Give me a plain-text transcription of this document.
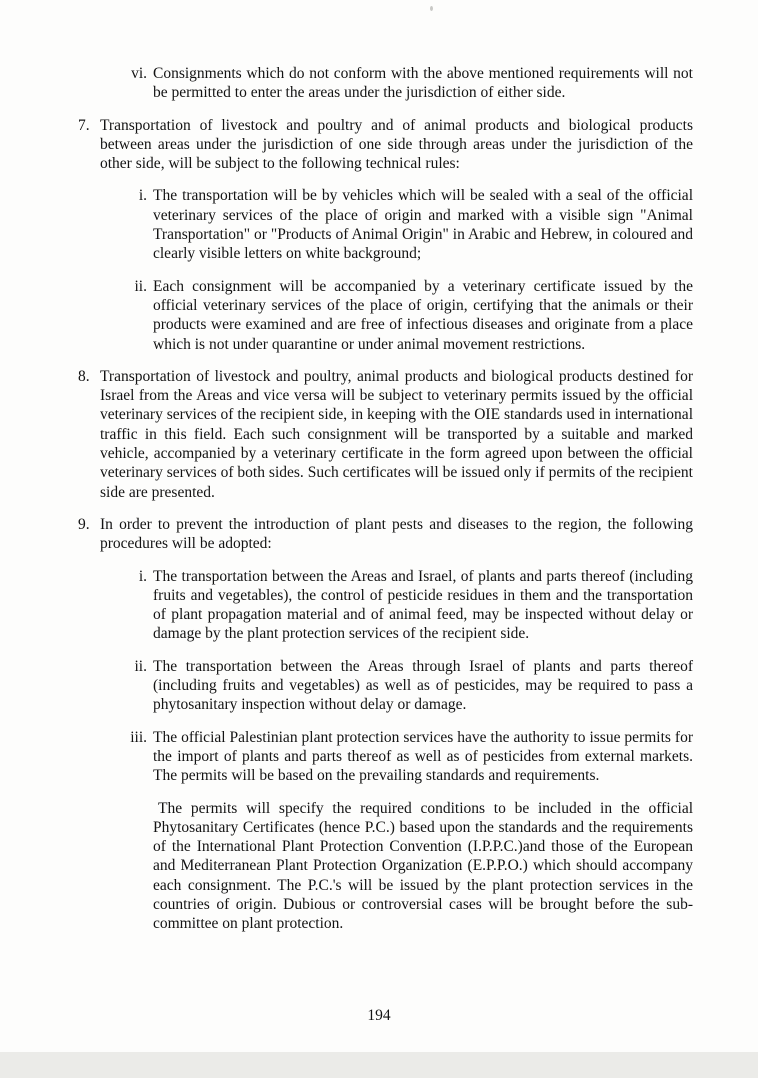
vi. Consignments which do not conform with the above mentioned requirements will not be permitted to enter the areas under the jurisdiction of either side.
7. Transportation of livestock and poultry and of animal products and biological products between areas under the jurisdiction of one side through areas under the jurisdiction of the other side, will be subject to the following technical rules:
i. The transportation will be by vehicles which will be sealed with a seal of the official veterinary services of the place of origin and marked with a visible sign "Animal Transportation" or "Products of Animal Origin" in Arabic and Hebrew, in coloured and clearly visible letters on white background;
ii. Each consignment will be accompanied by a veterinary certificate issued by the official veterinary services of the place of origin, certifying that the animals or their products were examined and are free of infectious diseases and originate from a place which is not under quarantine or under animal movement restrictions.
8. Transportation of livestock and poultry, animal products and biological products destined for Israel from the Areas and vice versa will be subject to veterinary permits issued by the official veterinary services of the recipient side, in keeping with the OIE standards used in international traffic in this field. Each such consignment will be transported by a suitable and marked vehicle, accompanied by a veterinary certificate in the form agreed upon between the official veterinary services of both sides. Such certificates will be issued only if permits of the recipient side are presented.
9. In order to prevent the introduction of plant pests and diseases to the region, the following procedures will be adopted:
i. The transportation between the Areas and Israel, of plants and parts thereof (including fruits and vegetables), the control of pesticide residues in them and the transportation of plant propagation material and of animal feed, may be inspected without delay or damage by the plant protection services of the recipient side.
ii. The transportation between the Areas through Israel of plants and parts thereof (including fruits and vegetables) as well as of pesticides, may be required to pass a phytosanitary inspection without delay or damage.
iii. The official Palestinian plant protection services have the authority to issue permits for the import of plants and parts thereof as well as of pesticides from external markets. The permits will be based on the prevailing standards and requirements.
The permits will specify the required conditions to be included in the official Phytosanitary Certificates (hence P.C.) based upon the standards and the requirements of the International Plant Protection Convention (I.P.P.C.)and those of the European and Mediterranean Plant Protection Organization (E.P.P.O.) which should accompany each consignment. The P.C.'s will be issued by the plant protection services in the countries of origin. Dubious or controversial cases will be brought before the sub-committee on plant protection.
194
